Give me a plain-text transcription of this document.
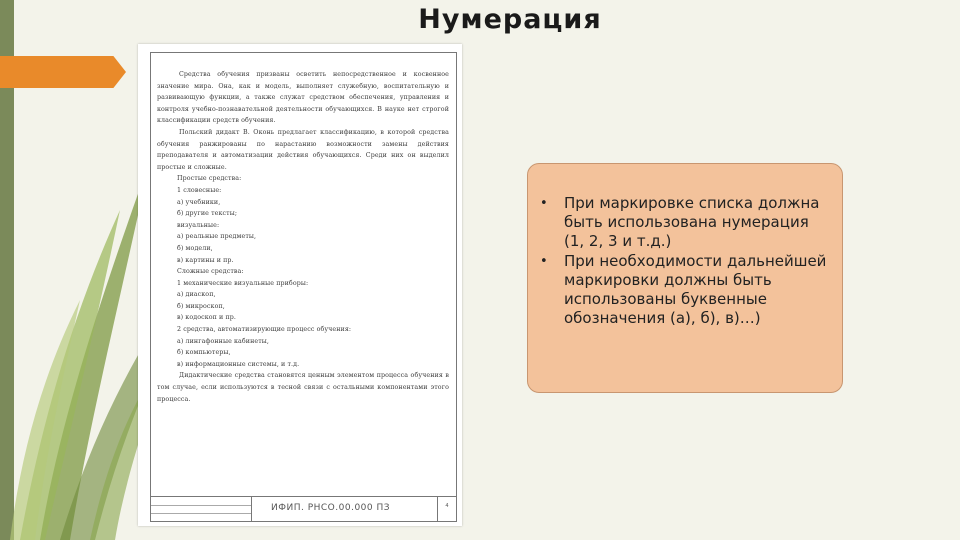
Нумерация

Средства обучения призваны осветить непосредственное и косвенное значение мира. Она, как и модель, выполняет служебную, воспитательную и развивающую функции, а также служат средством обеспечения, управления и контроля учебно-познавательной деятельности обучающихся. В науке нет строгой классификации средств обучения.

Польский дидакт В. Оконь предлагает классификацию, в которой средства обучения ранжированы по нарастанию возможности замены действия преподавателя и автоматизации действия обучающихся. Среди них он выделил простые и сложные.

Простые средства:

1 словесные:

а) учебники,

б) другие тексты;

визуальные:

а) реальные предметы,

б) модели,

в) картины и пр.

Сложные средства:

1 механические визуальные приборы:

а) диаскоп,

б) микроскоп,

в) кодоскоп и пр.

2 средства, автоматизирующие процесс обучения:

а) лингафонные кабинеты,

б) компьютеры,

в) информационные системы, и т.д.

Дидактические средства становятся ценным элементом процесса обучения в том случае, если используются в тесной связи с остальными компонентами этого процесса.

ИФИП. РНСО.00.000 ПЗ	4
• При маркировке списка должна быть использована нумерация (1, 2, 3 и т.д.)
• При необходимости дальнейшей маркировки должны быть использованы буквенные обозначения (а), б), в)…)
